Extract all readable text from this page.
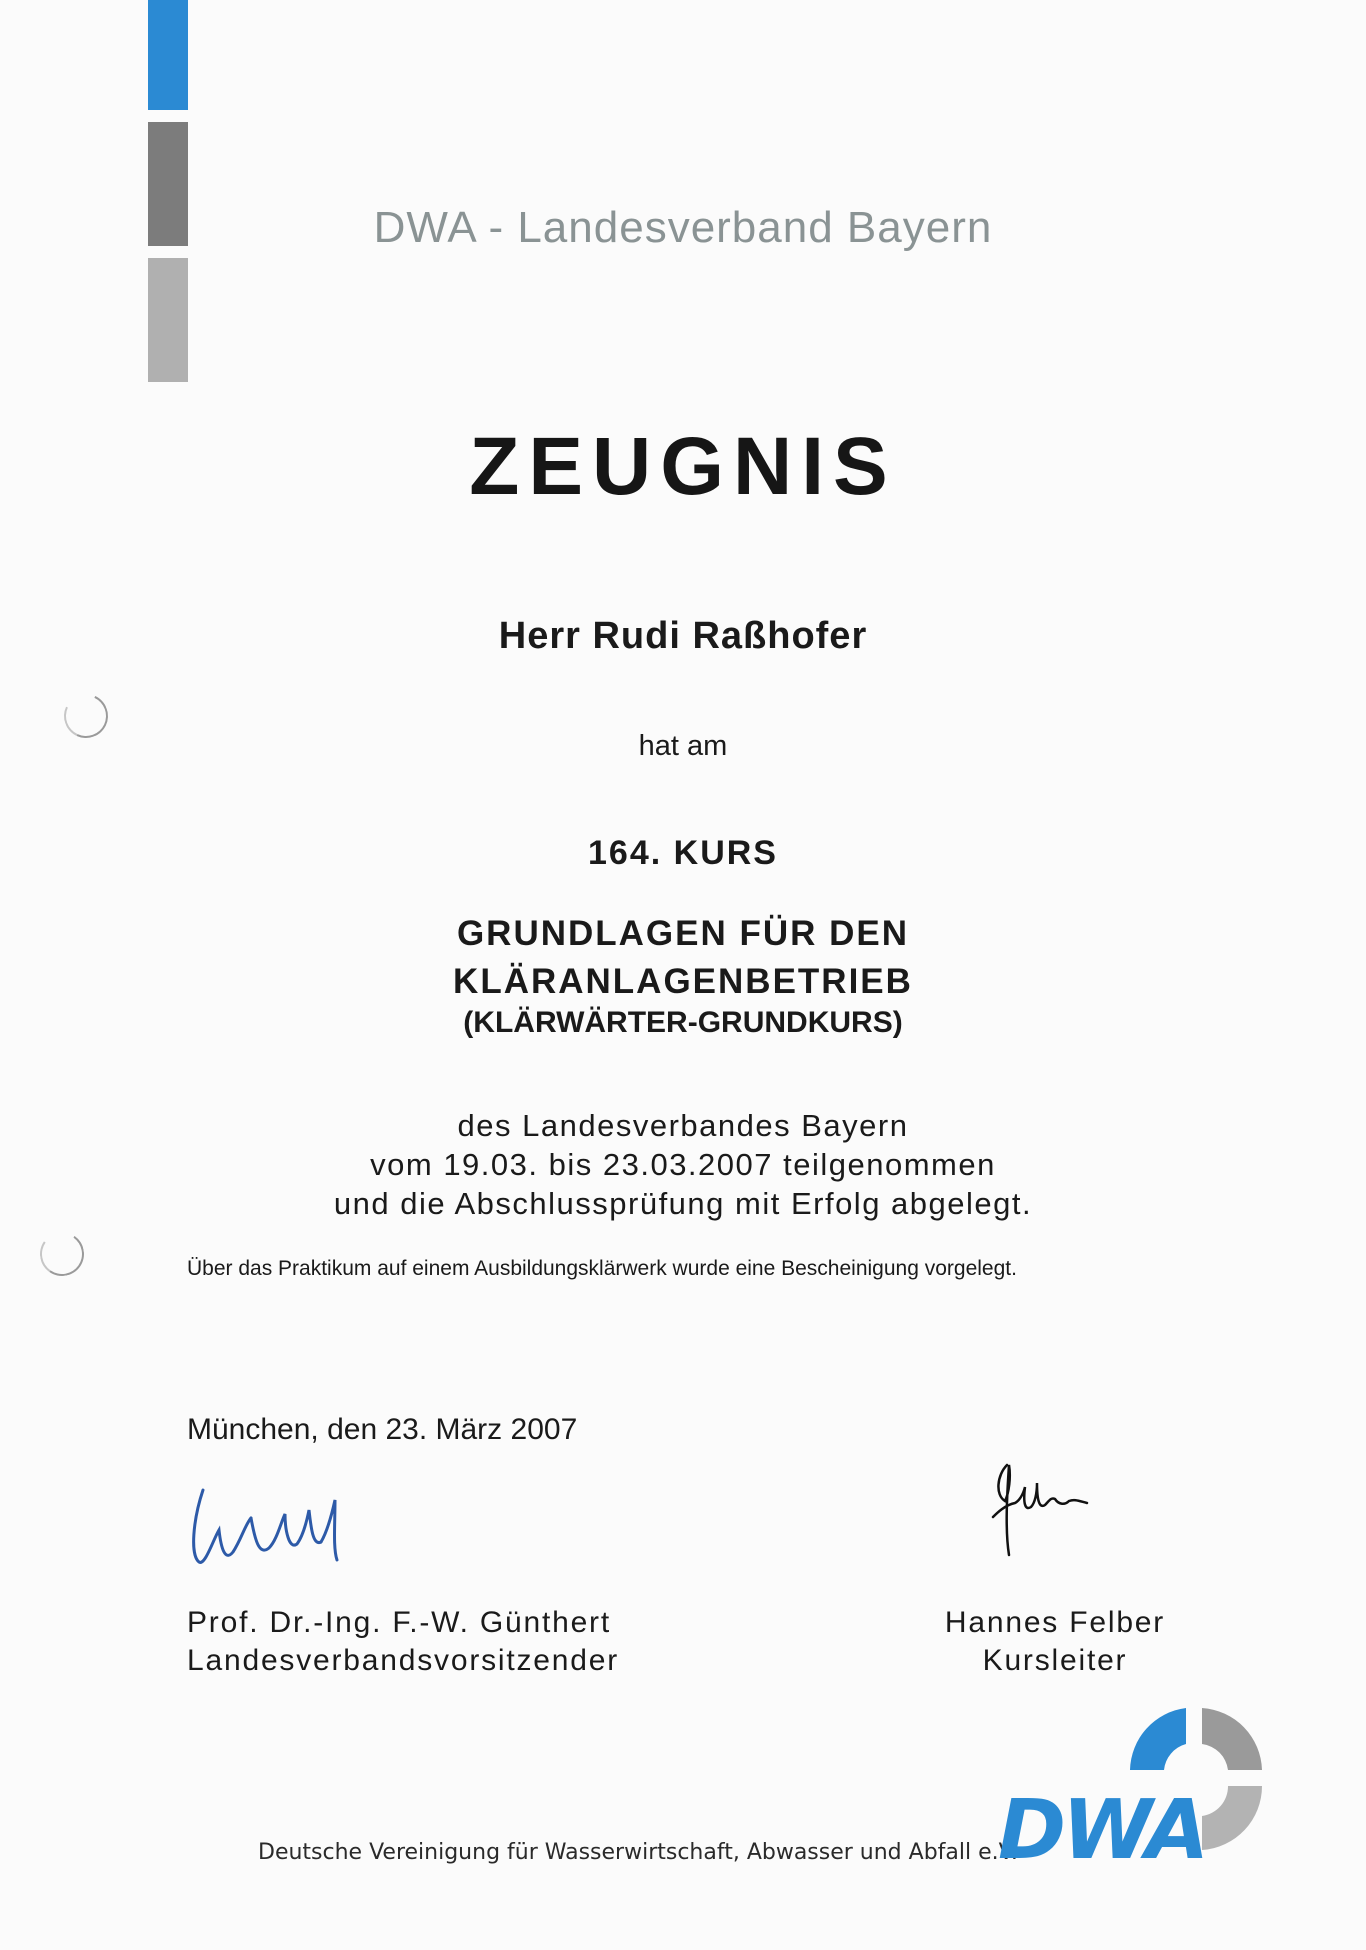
DWA - Landesverband Bayern
ZEUGNIS
Herr Rudi Raßhofer
hat am
164. KURS
GRUNDLAGEN FÜR DEN
KLÄRANLAGENBETRIEB
(KLÄRWÄRTER-GRUNDKURS)
des Landesverbandes Bayern
vom 19.03. bis 23.03.2007 teilgenommen
und die Abschlussprüfung mit Erfolg abgelegt.
Über das Praktikum auf einem Ausbildungsklärwerk wurde eine Bescheinigung vorgelegt.
München, den 23. März 2007
Prof. Dr.-Ing. F.-W. Günthert
Landesverbandsvorsitzender
Hannes Felber
Kursleiter
Deutsche Vereinigung für Wasserwirtschaft, Abwasser und Abfall e.V.
DWA
